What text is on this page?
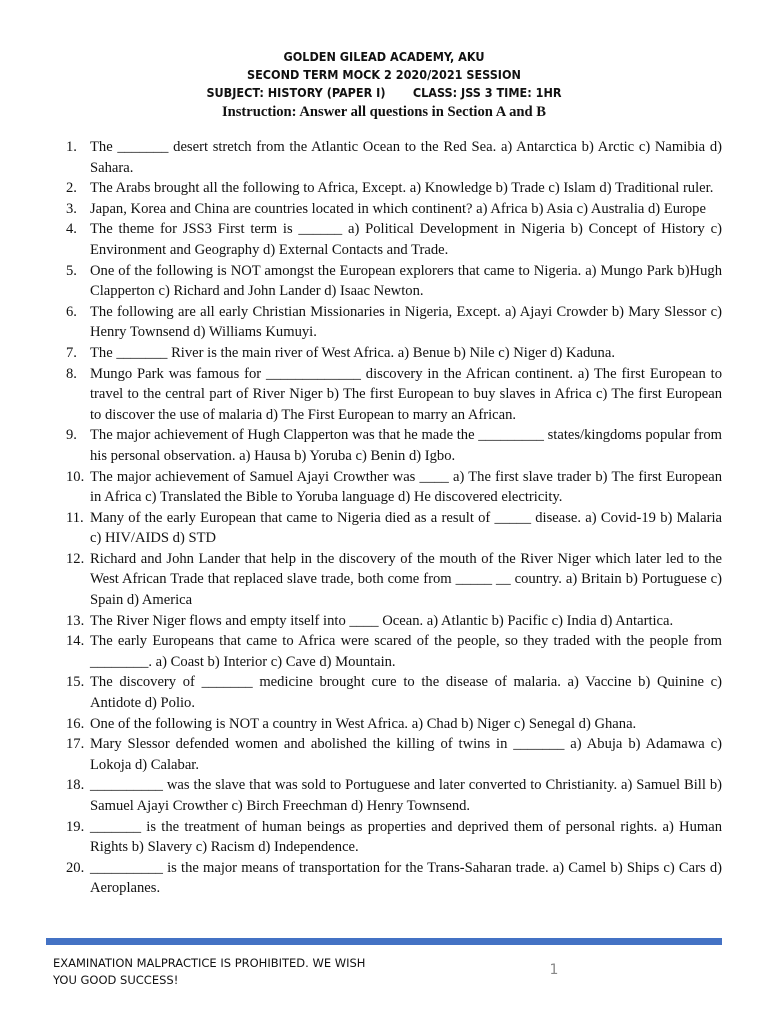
GOLDEN GILEAD ACADEMY, AKU
SECOND TERM MOCK 2 2020/2021 SESSION
SUBJECT: HISTORY (PAPER I)       CLASS: JSS 3 TIME: 1HR
Instruction: Answer all questions in Section A and B
1. The _______ desert stretch from the Atlantic Ocean to the Red Sea. a) Antarctica b) Arctic c) Namibia d) Sahara.
2. The Arabs brought all the following to Africa, Except. a) Knowledge b) Trade c) Islam d) Traditional ruler.
3. Japan, Korea and China are countries located in which continent? a) Africa b) Asia c) Australia d) Europe
4. The theme for JSS3 First term is ______ a) Political Development in Nigeria b) Concept of History c) Environment and Geography d) External Contacts and Trade.
5. One of the following is NOT amongst the European explorers that came to Nigeria. a) Mungo Park b)Hugh Clapperton c) Richard and John Lander d) Isaac Newton.
6. The following are all early Christian Missionaries in Nigeria, Except. a) Ajayi Crowder b) Mary Slessor c) Henry Townsend d) Williams Kumuyi.
7. The _______ River is the main river of West Africa. a) Benue b) Nile c) Niger d) Kaduna.
8. Mungo Park was famous for _____________ discovery in the African continent. a) The first European to travel to the central part of River Niger b) The first European to buy slaves in Africa c) The first European to discover the use of malaria d) The First European to marry an African.
9. The major achievement of Hugh Clapperton was that he made the _________ states/kingdoms popular from his personal observation. a) Hausa b) Yoruba c) Benin d) Igbo.
10. The major achievement of Samuel Ajayi Crowther was ____ a) The first slave trader b) The first European in Africa c) Translated the Bible to Yoruba language d) He discovered electricity.
11. Many of the early European that came to Nigeria died as a result of _____ disease. a) Covid-19 b) Malaria c) HIV/AIDS d) STD
12. Richard and John Lander that help in the discovery of the mouth of the River Niger which later led to the West African Trade that replaced slave trade, both come from _____ __ country. a) Britain b) Portuguese c) Spain d) America
13. The River Niger flows and empty itself into ____ Ocean. a) Atlantic b) Pacific c) India d) Antartica.
14. The early Europeans that came to Africa were scared of the people, so they traded with the people from ________. a) Coast b) Interior c) Cave d) Mountain.
15. The discovery of _______ medicine brought cure to the disease of malaria. a) Vaccine b) Quinine c) Antidote d) Polio.
16. One of the following is NOT a country in West Africa. a) Chad b) Niger c) Senegal d) Ghana.
17. Mary Slessor defended women and abolished the killing of twins in _______ a) Abuja b) Adamawa c) Lokoja d) Calabar.
18. __________ was the slave that was sold to Portuguese and later converted to Christianity. a) Samuel Bill b) Samuel Ajayi Crowther c) Birch Freechman d) Henry Townsend.
19. _______ is the treatment of human beings as properties and deprived them of personal rights. a) Human Rights b) Slavery c) Racism d) Independence.
20. __________ is the major means of transportation for the Trans-Saharan trade. a) Camel b) Ships c) Cars d) Aeroplanes.
EXAMINATION MALPRACTICE IS PROHIBITED. WE WISH YOU GOOD SUCCESS!
1
